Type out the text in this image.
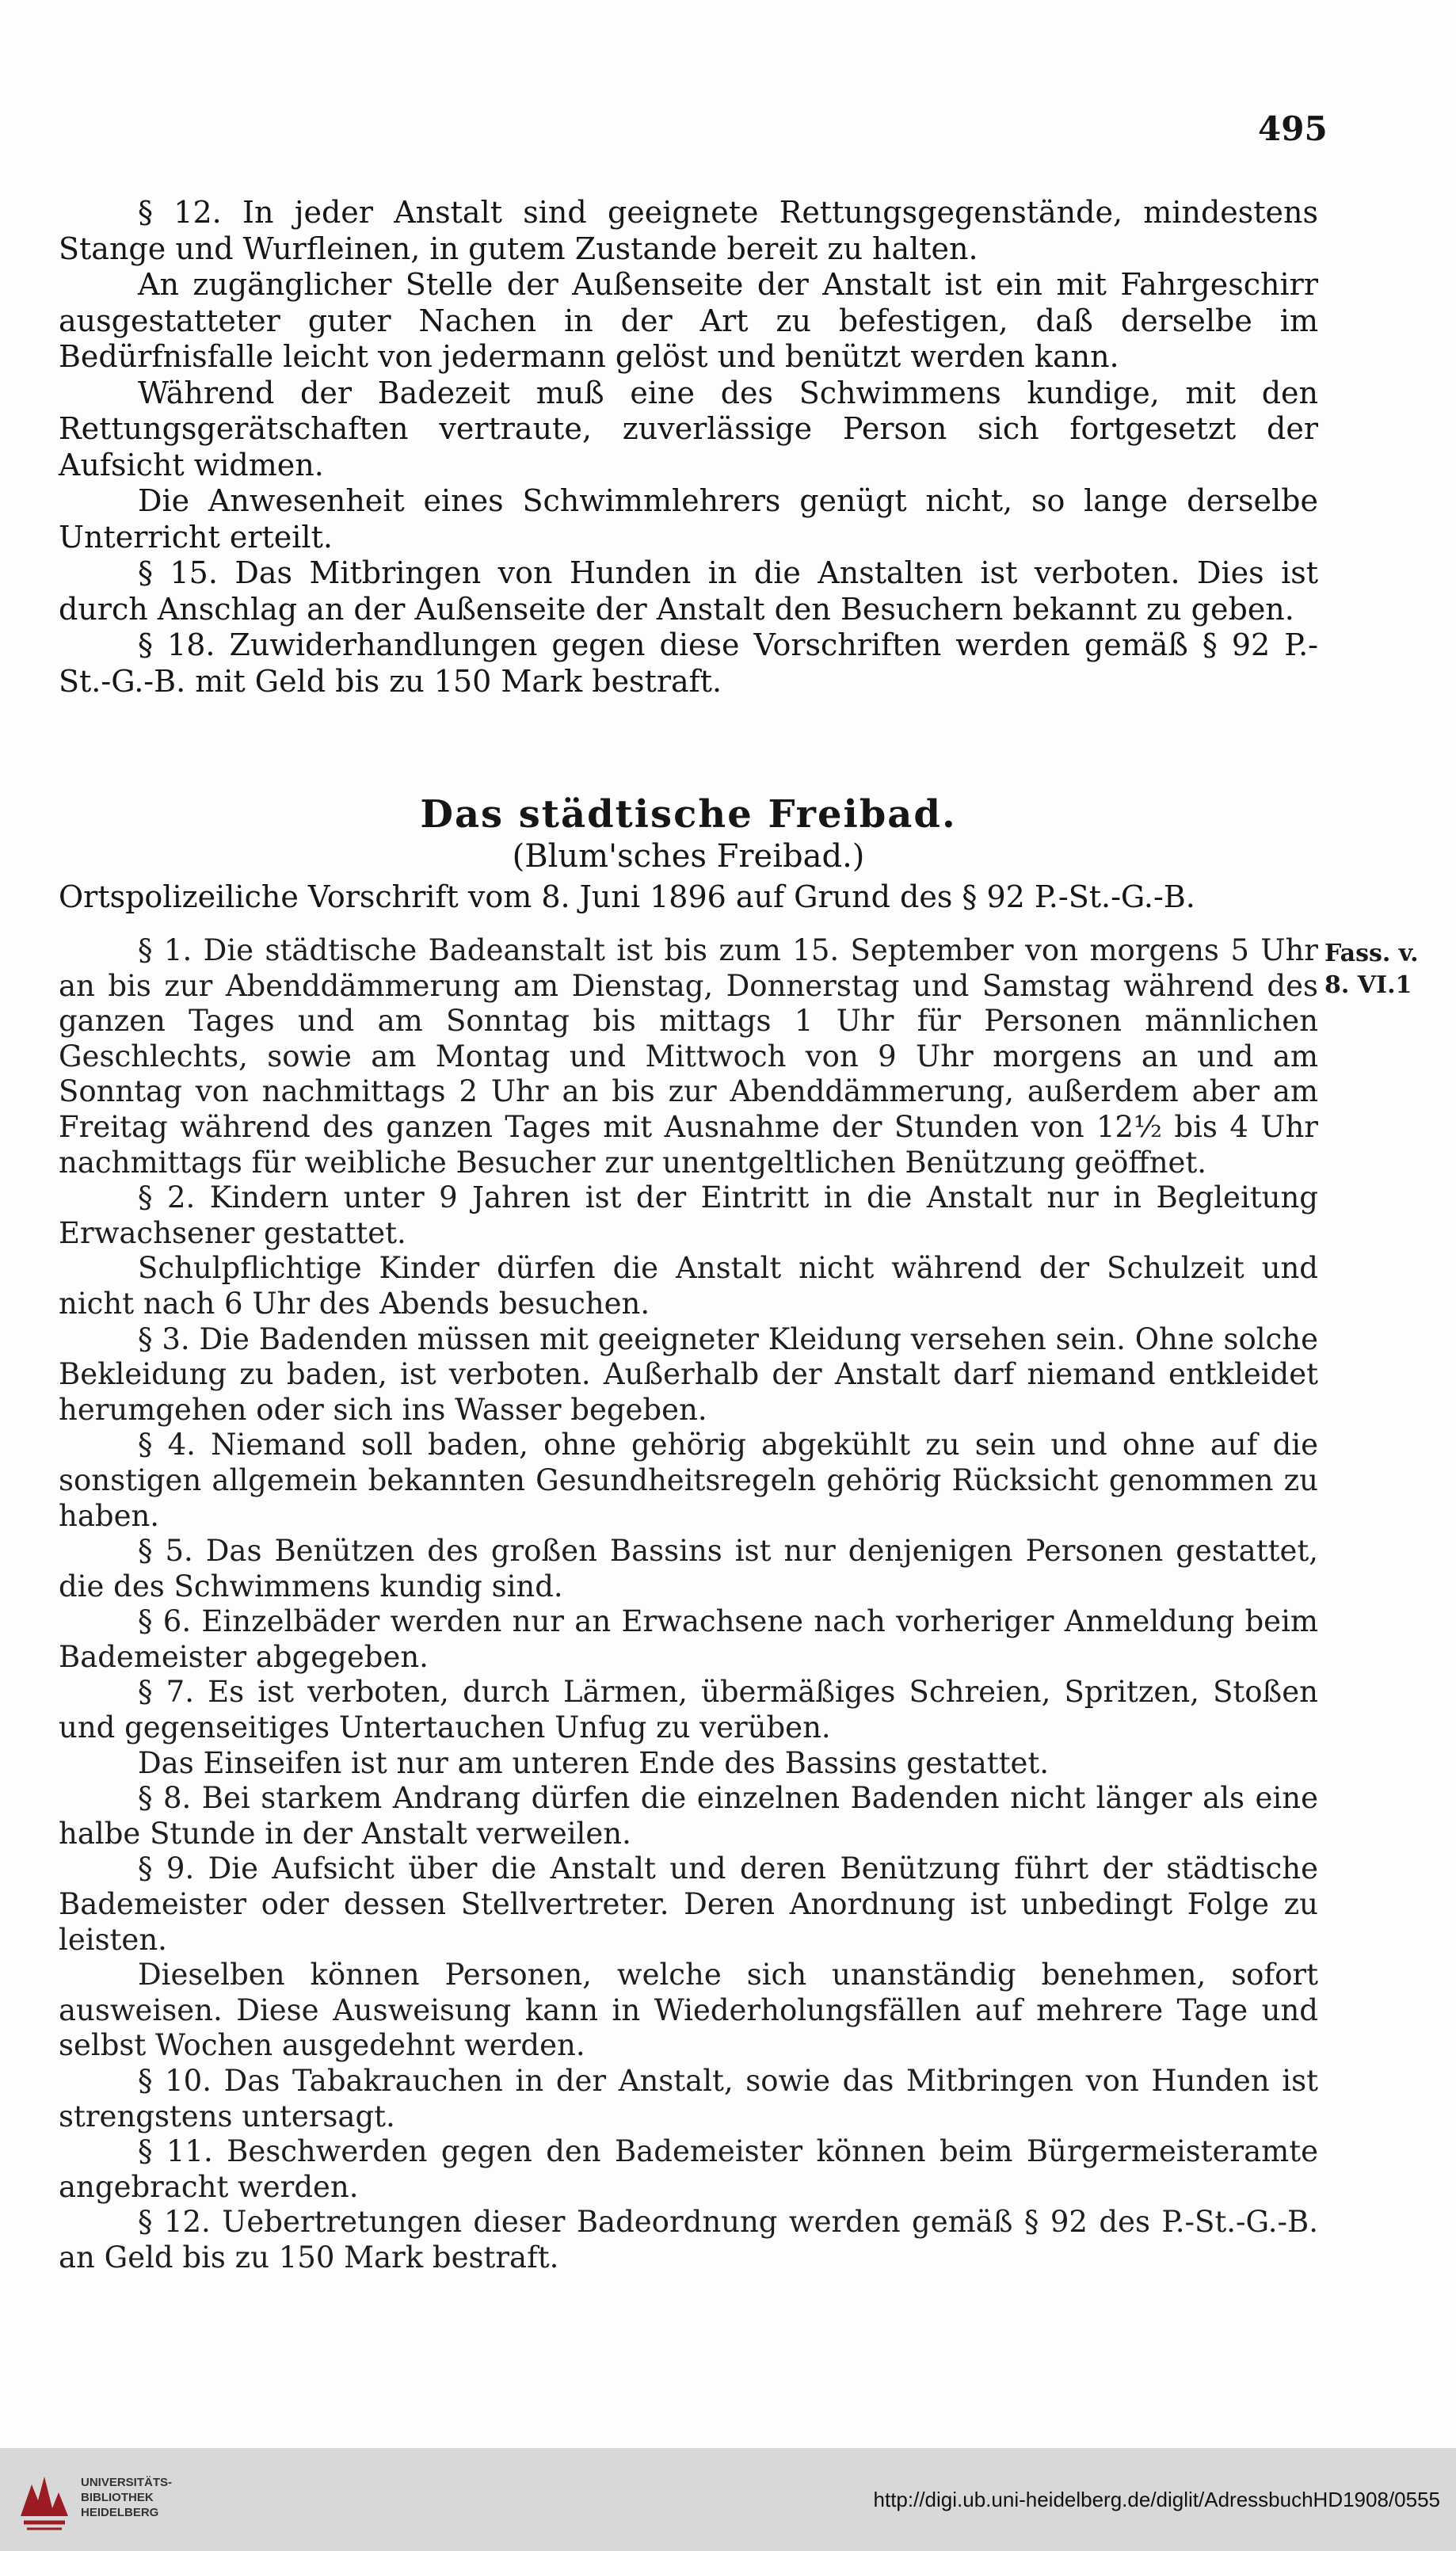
495

§ 12. In jeder Anstalt sind geeignete Rettungsgegenstände, mindestens Stange und Wurfleinen, in gutem Zustande bereit zu halten.

An zugänglicher Stelle der Außenseite der Anstalt ist ein mit Fahrgeschirr ausgestatteter guter Nachen in der Art zu befestigen, daß derselbe im Bedürfnisfalle leicht von jedermann gelöst und benützt werden kann.

Während der Badezeit muß eine des Schwimmens kundige, mit den Rettungsgerätschaften vertraute, zuverlässige Person sich fortgesetzt der Aufsicht widmen.

Die Anwesenheit eines Schwimmlehrers genügt nicht, so lange derselbe Unterricht erteilt.

§ 15. Das Mitbringen von Hunden in die Anstalten ist verboten. Dies ist durch Anschlag an der Außenseite der Anstalt den Besuchern bekannt zu geben.

§ 18. Zuwiderhandlungen gegen diese Vorschriften werden gemäß § 92 P.-St.-G.-B. mit Geld bis zu 150 Mark bestraft.

Das städtische Freibad.
(Blum'sches Freibad.)

Ortspolizeiliche Vorschrift vom 8. Juni 1896 auf Grund des § 92 P.-St.-G.-B.

Fass. v. 8. VI.1

§ 1. Die städtische Badeanstalt ist bis zum 15. September von morgens 5 Uhr an bis zur Abenddämmerung am Dienstag, Donnerstag und Samstag während des ganzen Tages und am Sonntag bis mittags 1 Uhr für Personen männlichen Geschlechts, sowie am Montag und Mittwoch von 9 Uhr morgens an und am Sonntag von nachmittags 2 Uhr an bis zur Abenddämmerung, außerdem aber am Freitag während des ganzen Tages mit Ausnahme der Stunden von 12½ bis 4 Uhr nachmittags für weibliche Besucher zur unentgeltlichen Benützung geöffnet.

§ 2. Kindern unter 9 Jahren ist der Eintritt in die Anstalt nur in Begleitung Erwachsener gestattet.

Schulpflichtige Kinder dürfen die Anstalt nicht während der Schulzeit und nicht nach 6 Uhr des Abends besuchen.

§ 3. Die Badenden müssen mit geeigneter Kleidung versehen sein. Ohne solche Bekleidung zu baden, ist verboten. Außerhalb der Anstalt darf niemand entkleidet herumgehen oder sich ins Wasser begeben.

§ 4. Niemand soll baden, ohne gehörig abgekühlt zu sein und ohne auf die sonstigen allgemein bekannten Gesundheitsregeln gehörig Rücksicht genommen zu haben.

§ 5. Das Benützen des großen Bassins ist nur denjenigen Personen gestattet, die des Schwimmens kundig sind.

§ 6. Einzelbäder werden nur an Erwachsene nach vorheriger Anmeldung beim Bademeister abgegeben.

§ 7. Es ist verboten, durch Lärmen, übermäßiges Schreien, Spritzen, Stoßen und gegenseitiges Untertauchen Unfug zu verüben.

Das Einseifen ist nur am unteren Ende des Bassins gestattet.

§ 8. Bei starkem Andrang dürfen die einzelnen Badenden nicht länger als eine halbe Stunde in der Anstalt verweilen.

§ 9. Die Aufsicht über die Anstalt und deren Benützung führt der städtische Bademeister oder dessen Stellvertreter. Deren Anordnung ist unbedingt Folge zu leisten.

Dieselben können Personen, welche sich unanständig benehmen, sofort ausweisen. Diese Ausweisung kann in Wiederholungsfällen auf mehrere Tage und selbst Wochen ausgedehnt werden.

§ 10. Das Tabakrauchen in der Anstalt, sowie das Mitbringen von Hunden ist strengstens untersagt.

§ 11. Beschwerden gegen den Bademeister können beim Bürgermeisteramte angebracht werden.

§ 12. Uebertretungen dieser Badeordnung werden gemäß § 92 des P.-St.-G.-B. an Geld bis zu 150 Mark bestraft.

UNIVERSITÄTS-
BIBLIOTHEK
HEIDELBERG
http://digi.ub.uni-heidelberg.de/diglit/AdressbuchHD1908/0555
